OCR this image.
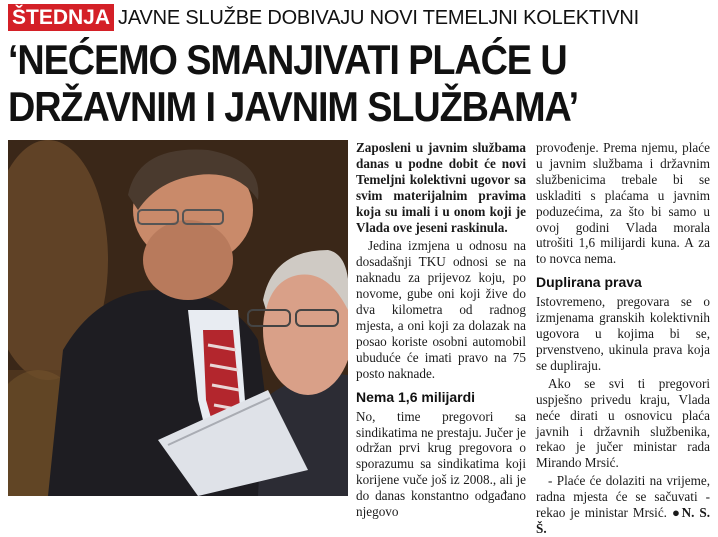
ŠTEDNJA JAVNE SLUŽBE DOBIVAJU NOVI TEMELJNI KOLEKTIVNI
‘NEĆEMO SMANJIVATI PLAĆE U
DRŽAVNIM I JAVNIM SLUŽBAMA’

Zaposleni u javnim službama danas u podne dobit će novi Temeljni kolektivni ugovor sa svim materijalnim pravima koja su imali i u onom koji je Vlada ove jeseni raskinula.

Jedina izmjena u odnosu na dosadašnji TKU odnosi se na naknadu za prijevoz koju, po novome, gube oni koji žive do dva kilometra od radnog mjesta, a oni koji za dolazak na posao koriste osobni automobil ubuduće će imati pravo na 75 posto naknade.

Nema 1,6 milijardi

No, time pregovori sa sindikatima ne prestaju. Jučer je održan prvi krug pregovora o sporazumu sa sindikatima koji korijene vuče još iz 2008., ali je do danas konstantno odgađano njegovo

provođenje. Prema njemu, plaće u javnim službama i državnim službenicima trebale bi se uskladiti s plaćama u javnim poduzećima, za što bi samo u ovoj godini Vlada morala utrošiti 1,6 milijardi kuna. A za to novca nema.

Duplirana prava

Istovremeno, pregovara se o izmjenama granskih kolektivnih ugovora u kojima bi se, prvenstveno, ukinula prava koja se dupliraju.

Ako se svi ti pregovori uspješno privedu kraju, Vlada neće dirati u osnovicu plaća javnih i državnih službenika, rekao je jučer ministar rada Mirando Mrsić.

- Plaće će dolaziti na vrijeme, radna mjesta će se sačuvati - rekao je ministar Mrsić. ●N. S. Š.
